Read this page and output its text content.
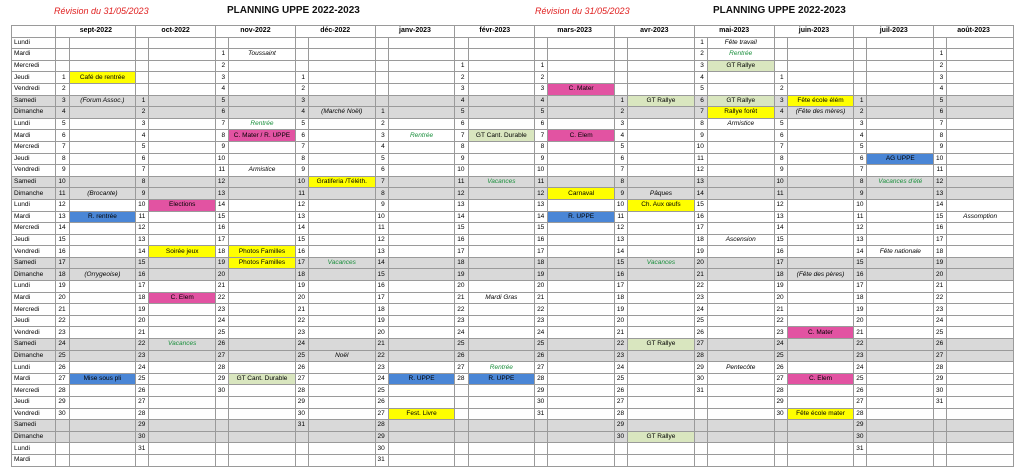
Révision du 31/05/2023	PLANNING UPPE 2022-2023	Révision du 31/05/2023	PLANNING UPPE 2022-2023
	sept-2022		oct-2022		nov-2022		déc-2022		janv-2023		févr-2023		mars-2023		avr-2023		mai-2023		juin-2023		juil-2023		août-2023	
Lundi																	1	Fête travail						
Mardi					1	Toussaint											2	Rentrée					1	
Mercredi					2						1		1				3	GT Rallye					2	
Jeudi	1	Café de rentrée			3		1				2		2				4		1				3	
Vendredi	2				4		2				3		3	C. Mater			5		2				4	
Samedi	3	(Forum Assoc.)	1		5		3				4		4		1	GT Rallye	6	GT Rallye	3	Fête école élém	1		5	
Dimanche	4		2		6		4	(Marché Noël)	1		5		5		2		7	Rallye forêt	4	(Fête des mères)	2		6	
Lundi	5		3		7	Rentrée	5		2		6		6		3		8	Armistice	5		3		7	
Mardi	6		4		8	C. Mater / R. UPPE	6		3	Rentrée	7	GT Cant. Durable	7	C. Elem	4		9		6		4		8	
Mercredi	7		5		9		7		4		8		8		5		10		7		5		9	
Jeudi	8		6		10		8		5		9		9		6		11		8		6	AG UPPE	10	
Vendredi	9		7		11	Armistice	9		6		10		10		7		12		9		7		11	
Samedi	10		8		12		10	Gratiferia /Téléth.	7		11	Vacances	11		8		13		10		8	Vacances d'été	12	
Dimanche	11	(Brocante)	9		13		11		8		12		12	Carnaval	9	Pâques	14		11		9		13	
Lundi	12		10	Elections	14		12		9		13		13		10	Ch. Aux œufs	15		12		10		14	
Mardi	13	R. rentrée	11		15		13		10		14		14	R. UPPE	11		16		13		11		15	Assomption
Mercredi	14		12		16		14		11		15		15		12		17		14		12		16	
Jeudi	15		13		17		15		12		16		16		13		18	Ascension	15		13		17	
Vendredi	16		14	Soirée jeux	18	Photos Familles	16		13		17		17		14		19		16		14	Fête nationale	18	
Samedi	17		15		19	Photos Familles	17	Vacances	14		18		18		15	Vacances	20		17		15		19	
Dimanche	18	(Orrygeoise)	16		20		18		15		19		19		16		21		18	(Fête des pères)	16		20	
Lundi	19		17		21		19		16		20		20		17		22		19		17		21	
Mardi	20		18	C. Elem	22		20		17		21	Mardi Gras	21		18		23		20		18		22	
Mercredi	21		19		23		21		18		22		22		19		24		21		19		23	
Jeudi	22		20		24		22		19		23		23		20		25		22		20		24	
Vendredi	23		21		25		23		20		24		24		21		26		23	C. Mater	21		25	
Samedi	24		22	Vacances	26		24		21		25		25		22	GT Rallye	27		24		22		26	
Dimanche	25		23		27		25	Noël	22		26		26		23		28		25		23		27	
Lundi	26		24		28		26		23		27	Rentrée	27		24		29	Pentecôte	26		24		28	
Mardi	27	Mise sous pli	25		29	GT Cant. Durable	27		24	R. UPPE	28	R. UPPE	28		25		30		27	C. Elem	25		29	
Mercredi	28		26		30		28		25				29		26		31		28		26		30	
Jeudi	29		27				29		26				30		27				29		27		31	
Vendredi	30		28				30		27	Fest. Livre			31		28				30	Fête école mater	28			
Samedi			29				31		28						29						29			
Dimanche			30						29						30	GT Rallye					30			
Lundi			31						30												31			
Mardi									31															
